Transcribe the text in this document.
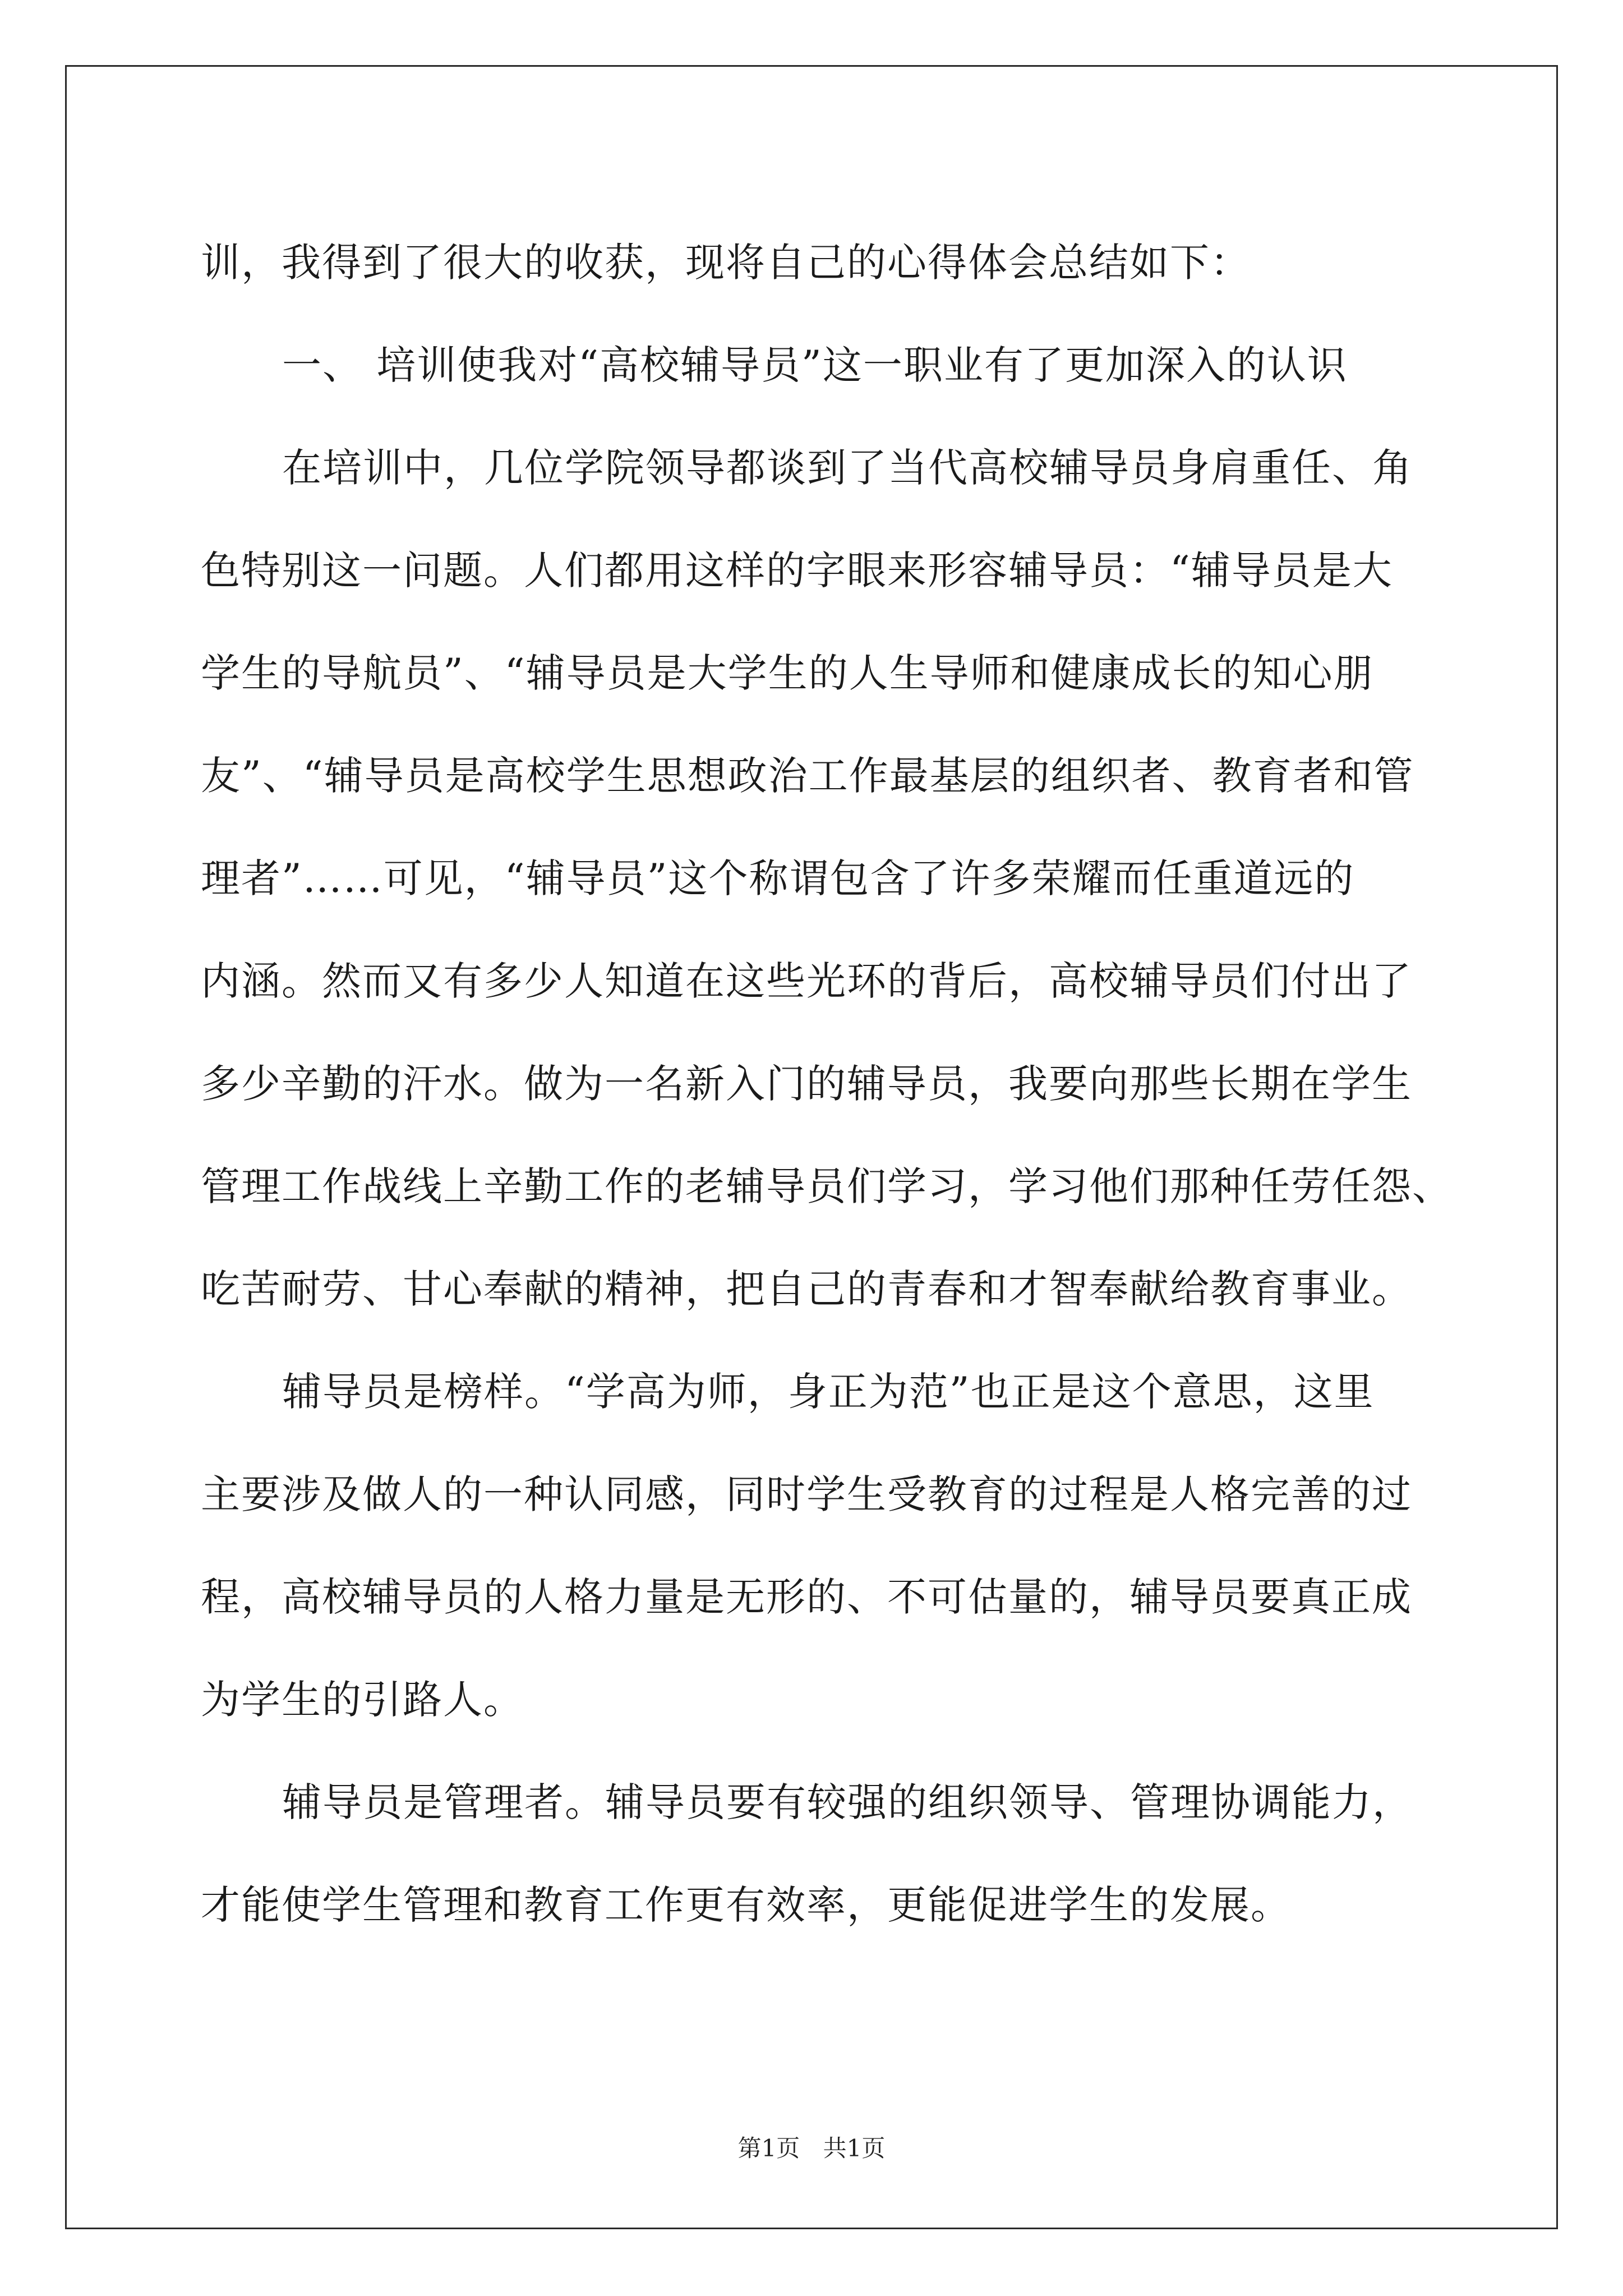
训，我得到了很大的收获，现将自己的心得体会总结如下：
一、 培训使我对“高校辅导员”这一职业有了更加深入的认识
在培训中，几位学院领导都谈到了当代高校辅导员身肩重任、角
色特别这一问题。人们都用这样的字眼来形容辅导员：“辅导员是大
学生的导航员”、“辅导员是大学生的人生导师和健康成长的知心朋
友”、“辅导员是高校学生思想政治工作最基层的组织者、教育者和管
理者”……可见，“辅导员”这个称谓包含了许多荣耀而任重道远的
内涵。然而又有多少人知道在这些光环的背后，高校辅导员们付出了
多少辛勤的汗水。做为一名新入门的辅导员，我要向那些长期在学生
管理工作战线上辛勤工作的老辅导员们学习，学习他们那种任劳任怨、
吃苦耐劳、甘心奉献的精神，把自己的青春和才智奉献给教育事业。
辅导员是榜样。“学高为师，身正为范”也正是这个意思，这里
主要涉及做人的一种认同感，同时学生受教育的过程是人格完善的过
程，高校辅导员的人格力量是无形的、不可估量的，辅导员要真正成
为学生的引路人。
辅导员是管理者。辅导员要有较强的组织领导、管理协调能力，
才能使学生管理和教育工作更有效率，更能促进学生的发展。
第1页 共1页
